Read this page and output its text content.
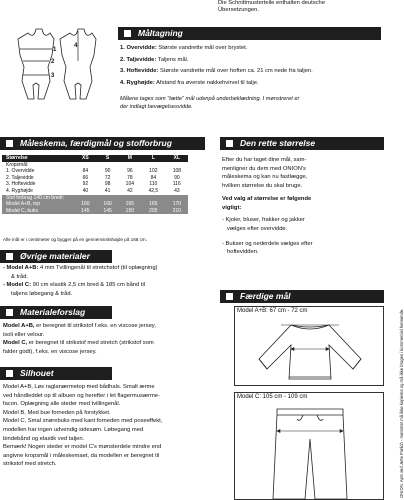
Die Schnittmusterteile enthalten deutsche
Übersetzungen.
Måltagning
1
2
3
4	1. Overvidde: Største vandrette mål over brystet.
2. Taljevidde: Taljens mål.
3. Hoftevidde: Største vandrette mål over hoften ca. 21 cm nede fra taljen.
4. Ryghøjde: Afstand fra øverste nakkehvirvel til talje.
Målene tages som "tætte" mål udenpå underbeklædning. I mønstreret er
der indlagt bevægelsesvidde.
Måleskema, færdigmål og stofforbrug
Størrelse	XS	S	M	L	XL
Kropsmål:					
1. Overvidde	84	90	96	102	108
2. Taljevidde	66	72	78	84	90
3. Hoftevidde	92	98	104	110	116
4. Ryghøjde	40	41	42	42,5	43
Stof forbrug 140 cm bredt:					
Model A+B, top	160	160	165	165	170
Model C, buks	145	145	150	205	210
Alle mål er i centimeter og bygger på en gennemsnitshøjde på 168 cm.
Øvrige materialer
- Model A+B: 4 mm Tvillingenål til stretchstof (til oplægning)
& tråd.
- Model C: 90 cm elastik 2,5 cm bred & 185 cm bånd til
taljens løbegang & tråd.
Materialeforslag
Model A+B, er beregnet til strikstof f.eks. en viscose jersey,
isoli eller velour.
Model C, er beregnet til strikstof med stretch (strikstof som
falder godt), f.eks. en viscose jersey.
Silhouet
Model A+B, Løs raglanærmetop med bådhals. Smalt ærme
ved håndleddet op til albuen og herefter i let flagermusærme-
facon. Oplægning alle steder med tvillingenål.
Model B, Med bue forneden på forstykket.
Model C, Smal snørebuks med kant forneden med poseeffekt,
modellen har ingen udvendig sidesøm. Løbegang med
bindebånd og elastik ved taljen.
Bemærk! Nogen steder er model C's mønsterdele mindre end
angivne kropsmål i måleskemaet, da modellen er beregnet til
strikstof med stretch.
Den rette størrelse
Efter du har taget dine mål, sam-
menligner du dem med ONION's
måleskema og kan nu fastlægge,
hvilken størrelse du skal bruge.
Ved valg af størrelse er følgende
vigtigt:
- Kjoler, bluser, frakker og jakker
vælges efter overvidde.
- Bukser og nederdele vælges efter
hoftevidden.
Færdige mål
Model A+B: 67 cm - 72 cm
Model C: 105 cm - 109 cm	ONION. ApS ved Jette Frølich - mønstret må ikke kopieres og må ikke bruges i kommerciel hensende.
